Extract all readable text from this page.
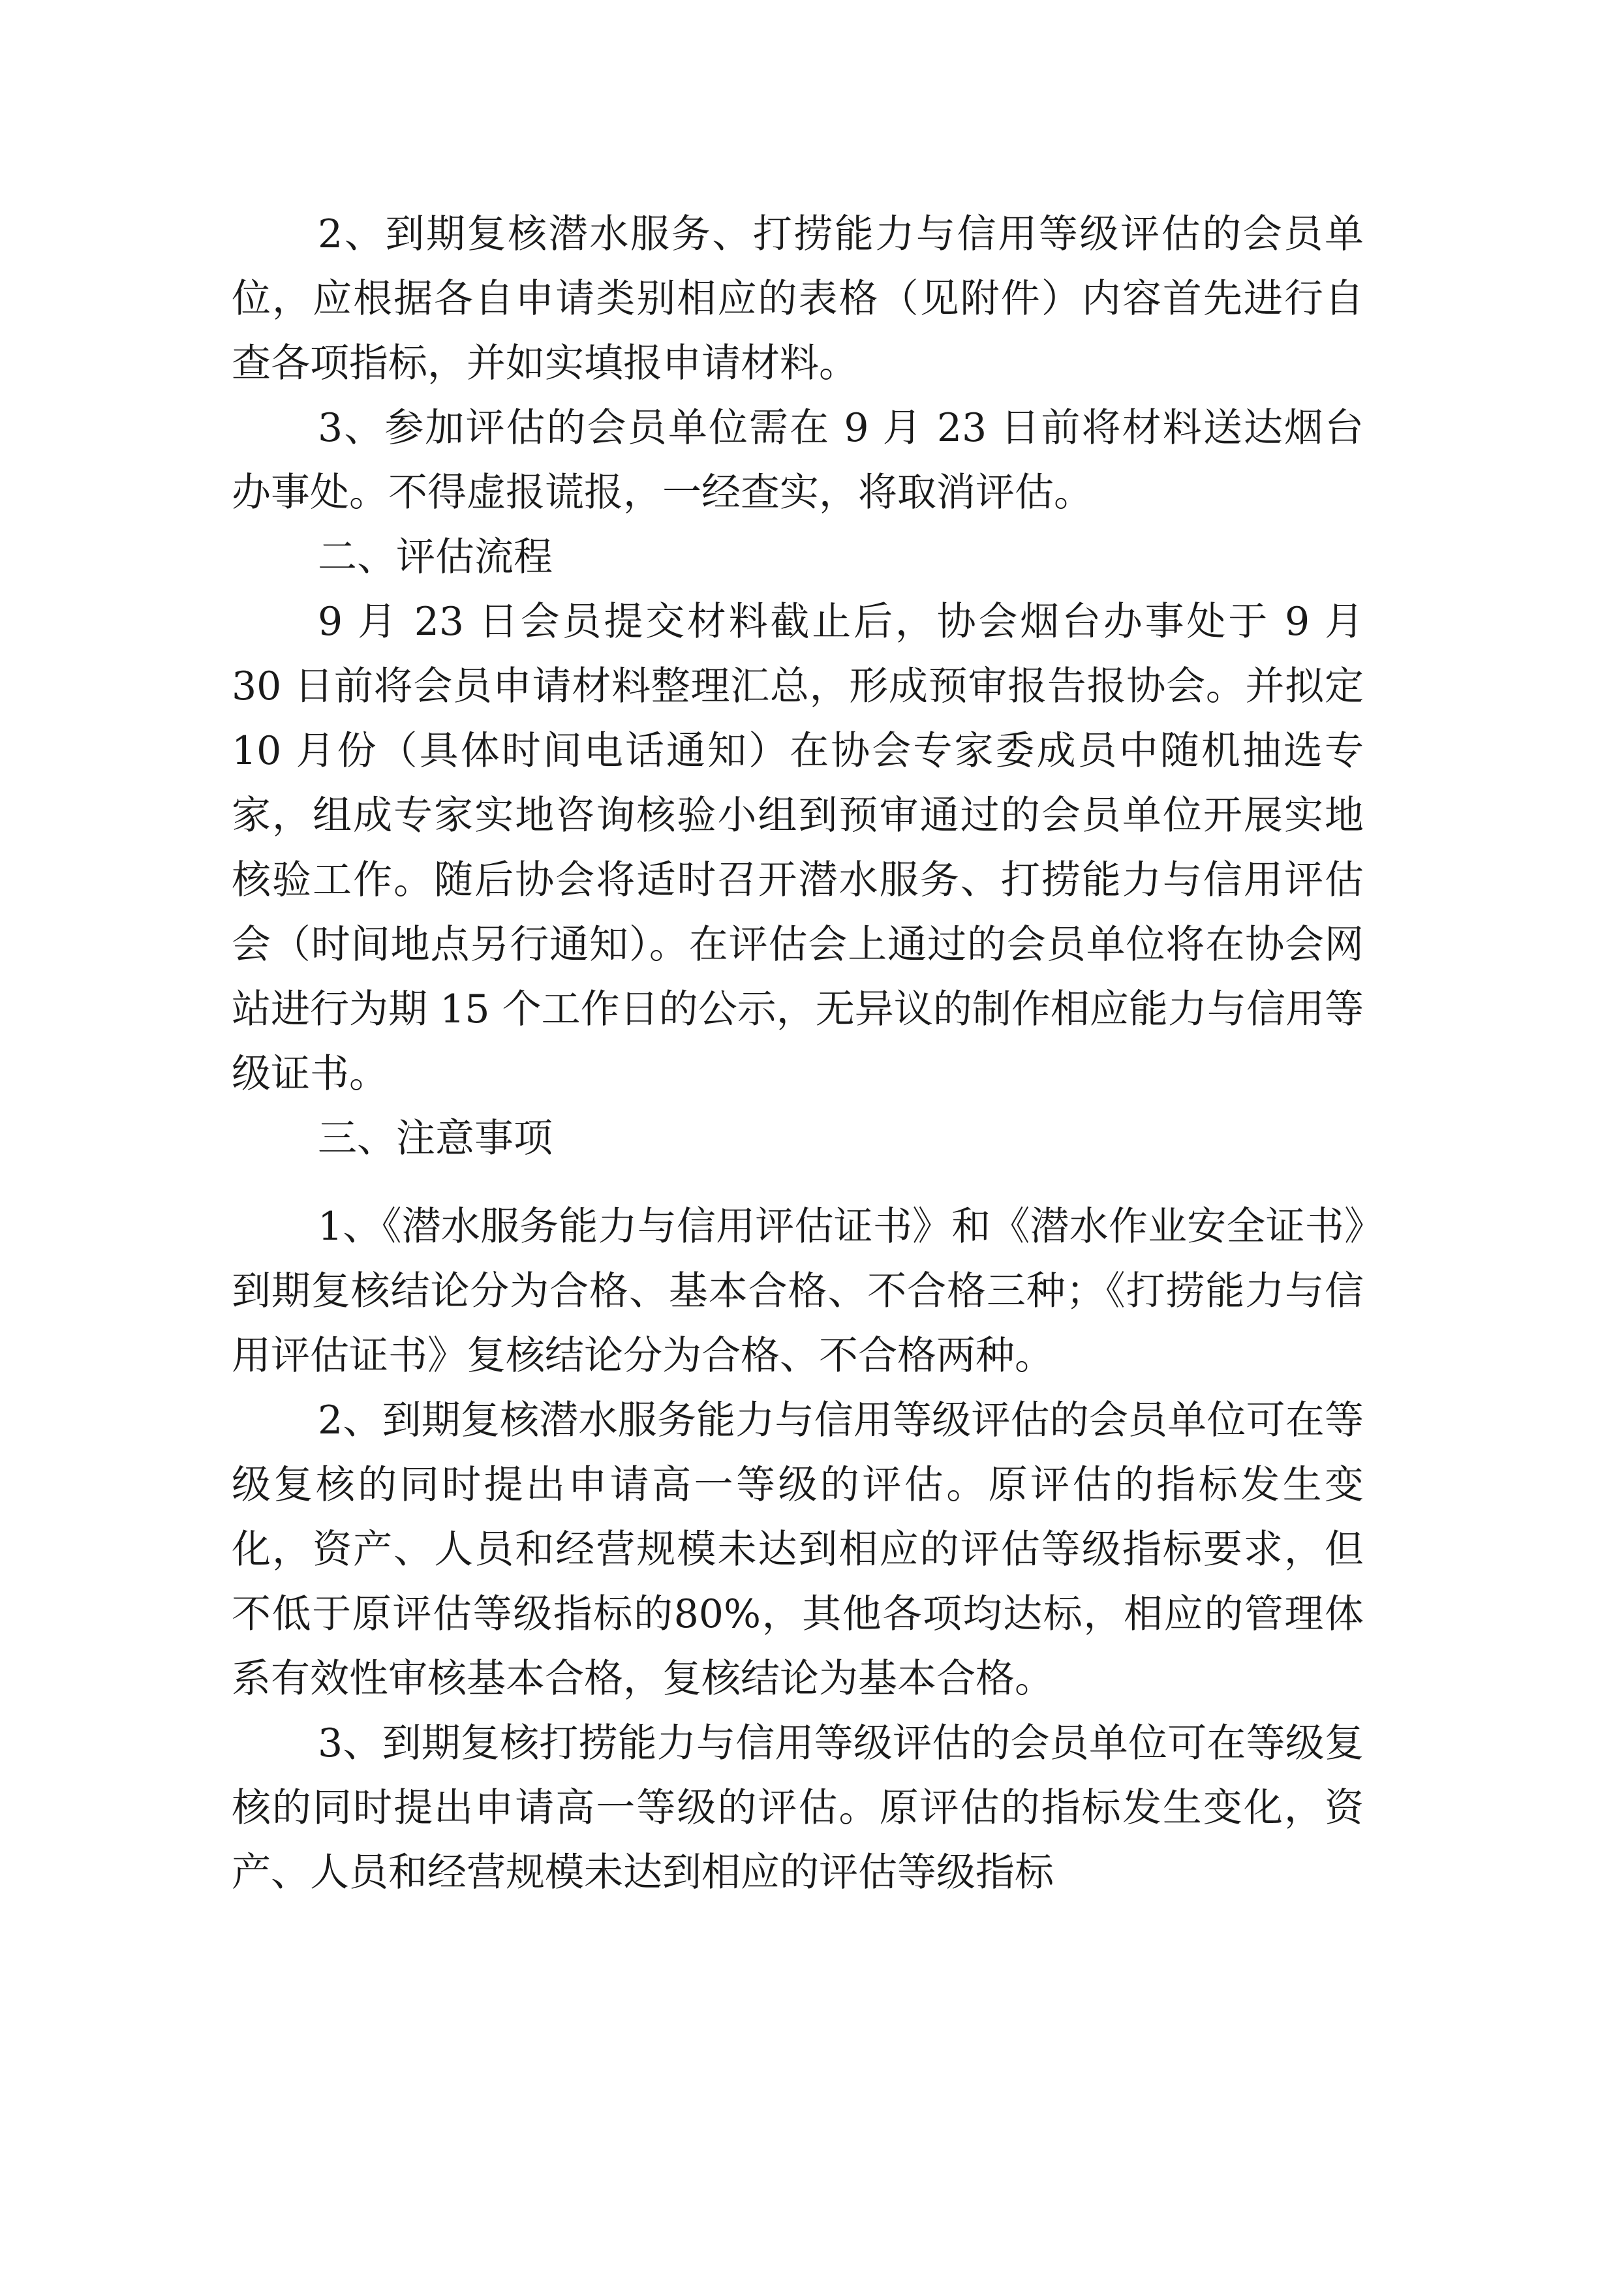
2、到期复核潜水服务、打捞能力与信用等级评估的会员单位，应根据各自申请类别相应的表格（见附件）内容首先进行自查各项指标，并如实填报申请材料。

3、参加评估的会员单位需在 9 月 23 日前将材料送达烟台办事处。不得虚报谎报，一经查实，将取消评估。

二、评估流程

9 月 23 日会员提交材料截止后，协会烟台办事处于 9 月 30 日前将会员申请材料整理汇总，形成预审报告报协会。并拟定 10 月份（具体时间电话通知）在协会专家委成员中随机抽选专家，组成专家实地咨询核验小组到预审通过的会员单位开展实地核验工作。随后协会将适时召开潜水服务、打捞能力与信用评估会（时间地点另行通知）。在评估会上通过的会员单位将在协会网站进行为期 15 个工作日的公示，无异议的制作相应能力与信用等级证书。

三、注意事项

1、《潜水服务能力与信用评估证书》和《潜水作业安全证书》到期复核结论分为合格、基本合格、不合格三种；《打捞能力与信用评估证书》复核结论分为合格、不合格两种。

2、到期复核潜水服务能力与信用等级评估的会员单位可在等级复核的同时提出申请高一等级的评估。原评估的指标发生变化，资产、人员和经营规模未达到相应的评估等级指标要求，但不低于原评估等级指标的80%，其他各项均达标，相应的管理体系有效性审核基本合格，复核结论为基本合格。

3、到期复核打捞能力与信用等级评估的会员单位可在等级复核的同时提出申请高一等级的评估。原评估的指标发生变化，资产、人员和经营规模未达到相应的评估等级指标
